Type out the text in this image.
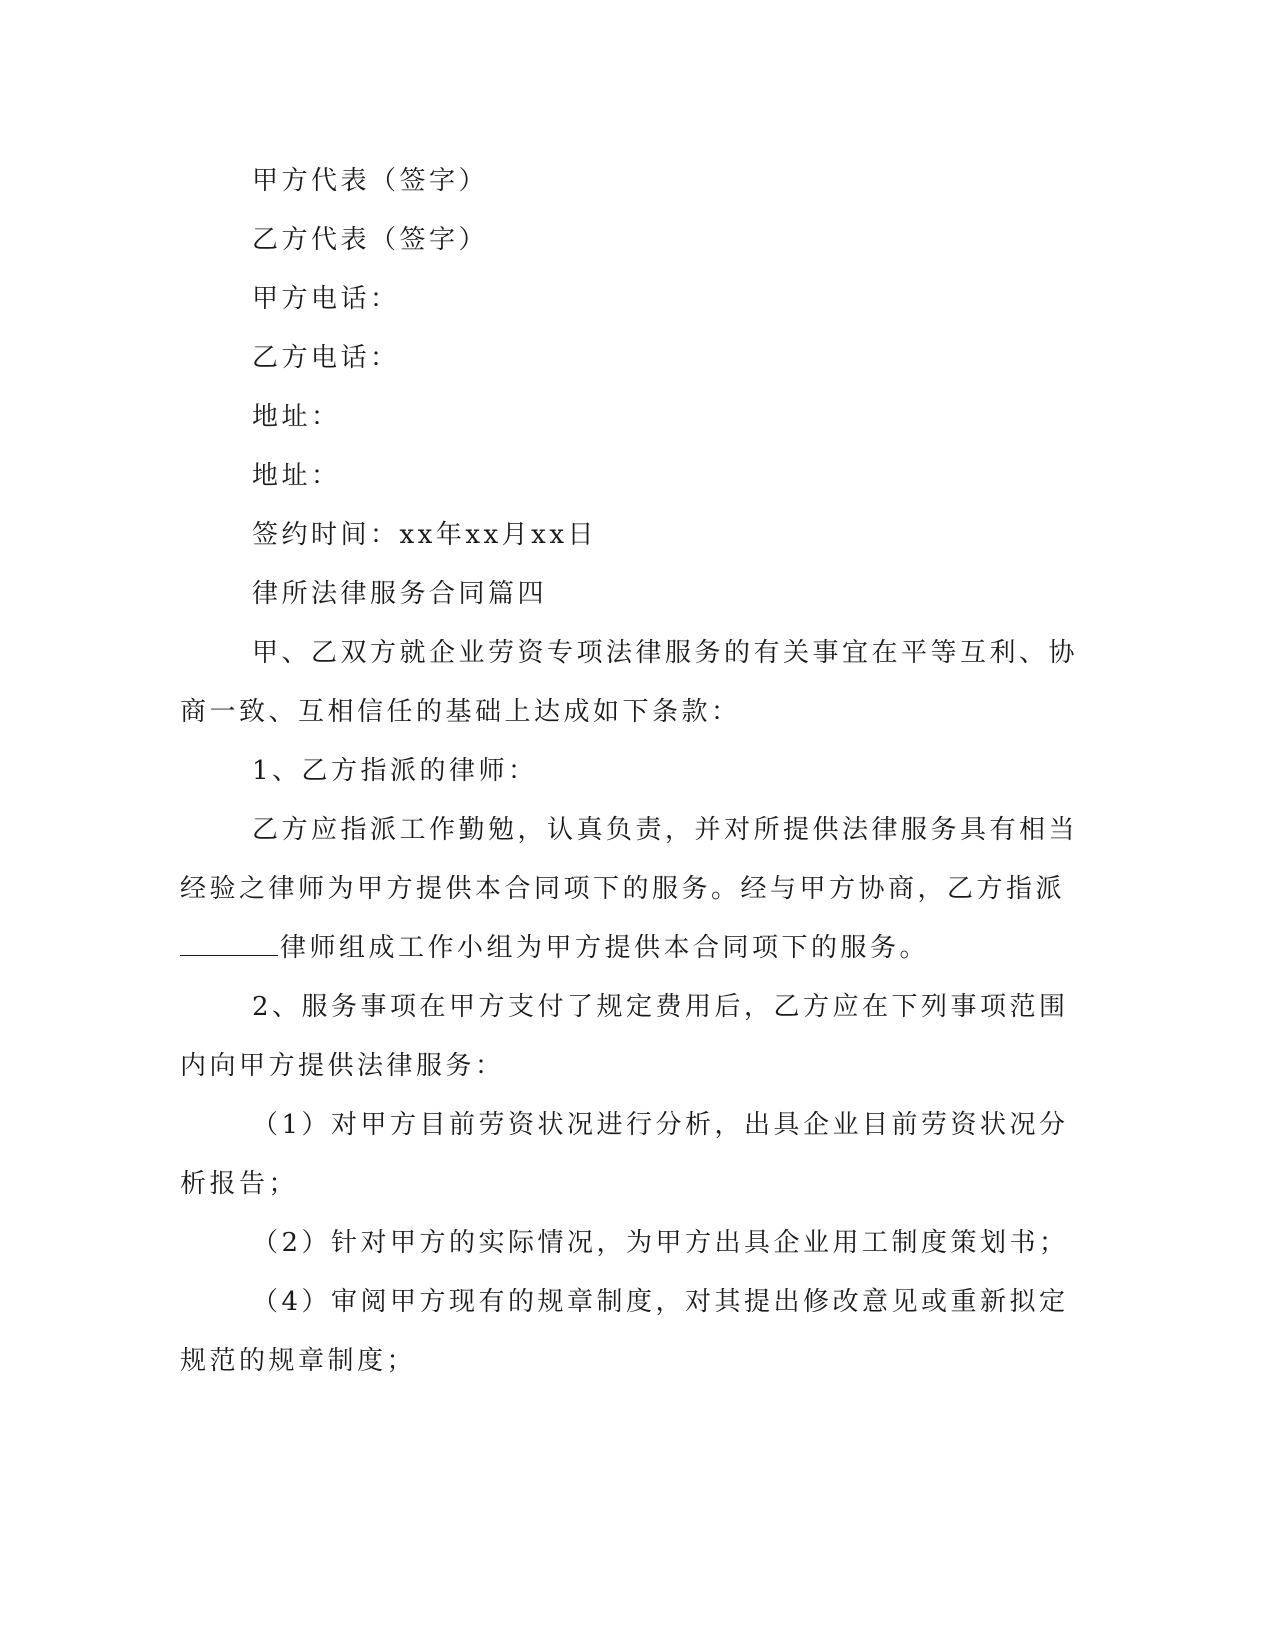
甲方代表（签字）

乙方代表（签字）

甲方电话：

乙方电话：

地址：

地址：

签约时间：xx年xx月xx日

律所法律服务合同篇四

甲、乙双方就企业劳资专项法律服务的有关事宜在平等互利、协

商一致、互相信任的基础上达成如下条款：

1、乙方指派的律师：

乙方应指派工作勤勉，认真负责，并对所提供法律服务具有相当

经验之律师为甲方提供本合同项下的服务。经与甲方协商，乙方指派

律师组成工作小组为甲方提供本合同项下的服务。

2、服务事项在甲方支付了规定费用后，乙方应在下列事项范围

内向甲方提供法律服务：

（1）对甲方目前劳资状况进行分析，出具企业目前劳资状况分

析报告；

（2）针对甲方的实际情况，为甲方出具企业用工制度策划书；

（4）审阅甲方现有的规章制度，对其提出修改意见或重新拟定

规范的规章制度；
